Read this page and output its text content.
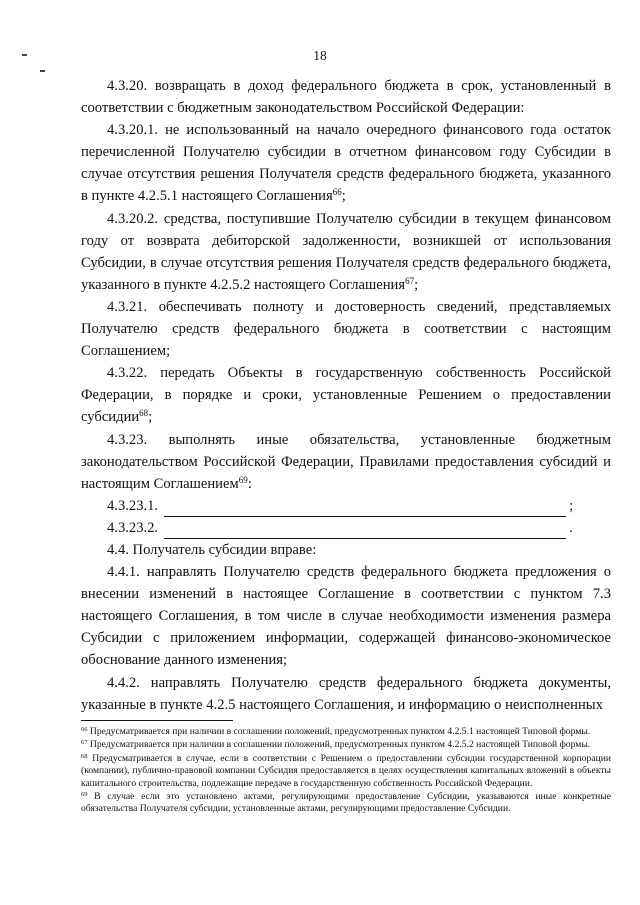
18

4.3.20. возвращать в доход федерального бюджета в срок, установленный в соответствии с бюджетным законодательством Российской Федерации:

4.3.20.1. не использованный на начало очередного финансового года остаток перечисленной Получателю субсидии в отчетном финансовом году Субсидии в случае отсутствия решения Получателя средств федерального бюджета, указанного в пункте 4.2.5.1 настоящего Соглашения$^{66}$;

4.3.20.2. средства, поступившие Получателю субсидии в текущем финансовом году от возврата дебиторской задолженности, возникшей от использования Субсидии, в случае отсутствия решения Получателя средств федерального бюджета, указанного в пункте 4.2.5.2 настоящего Соглашения$^{67}$;

4.3.21. обеспечивать полноту и достоверность сведений, представляемых Получателю средств федерального бюджета в соответствии с настоящим Соглашением;

4.3.22. передать Объекты в государственную собственность Российской Федерации, в порядке и сроки, установленные Решением о предоставлении субсидии$^{68}$;

4.3.23. выполнять иные обязательства, установленные бюджетным законодательством Российской Федерации, Правилами предоставления субсидий и настоящим Соглашением$^{69}$:

4.3.23.1.	;
4.3.23.2.	.

4.4. Получатель субсидии вправе:

4.4.1. направлять Получателю средств федерального бюджета предложения о внесении изменений в настоящее Соглашение в соответствии с пунктом 7.3 настоящего Соглашения, в том числе в случае необходимости изменения размера Субсидии с приложением информации, содержащей финансово-экономическое обоснование данного изменения;

4.4.2. направлять Получателю средств федерального бюджета документы, указанные в пункте 4.2.5 настоящего Соглашения, и информацию о неисполненных

$^{66}$ Предусматривается при наличии в соглашении положений, предусмотренных пунктом 4.2.5.1 настоящей Типовой формы.

$^{67}$ Предусматривается при наличии в соглашении положений, предусмотренных пунктом 4.2.5.2 настоящей Типовой формы.

$^{68}$ Предусматривается в случае, если в соответствии с Решением о предоставлении субсидии государственной корпорации (компании), публично-правовой компании Субсидия предоставляется в целях осуществления капитальных вложений в объекты капитального строительства, подлежащие передаче в государственную собственность Российской Федерации.

$^{69}$ В случае если это установлено актами, регулирующими предоставление Субсидии, указываются иные конкретные обязательства Получателя субсидии, установленные актами, регулирующими предоставление Субсидии.
